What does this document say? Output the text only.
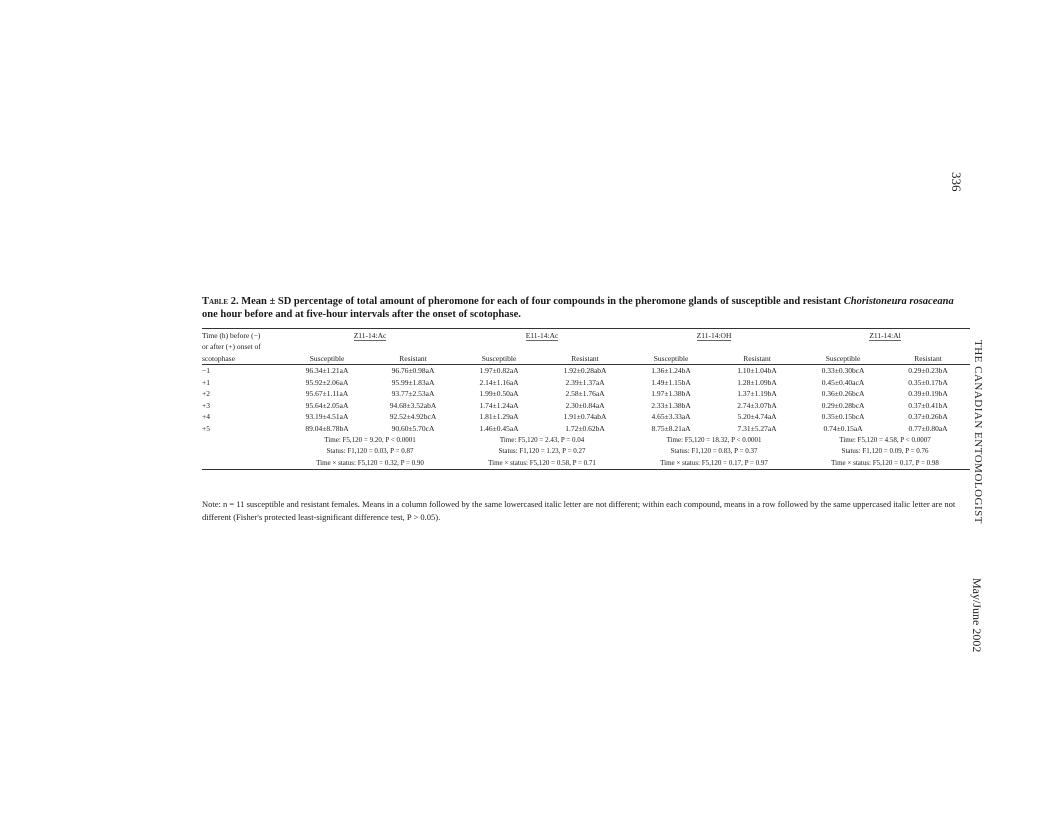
336
THE CANADIAN ENTOMOLOGIST
May/June 2002
Table 2. Mean ± SD percentage of total amount of pheromone for each of four compounds in the pheromone glands of susceptible and resistant Choristoneura rosaceana one hour before and at five-hour intervals after the onset of scotophase.
Time (h) before (−)	Z11-14:Ac		E11-14:Ac		Z11-14:OH		Z11-14:Al	
or after (+) onset of								
scotophase	Susceptible	Resistant	Susceptible	Resistant	Susceptible	Resistant	Susceptible	Resistant
−1	96.34±1.21aA	96.76±0.98aA	1.97±0.82aA	1.92±0.28abA	1.36±1.24bA	1.10±1.04bA	0.33±0.30bcA	0.29±0.23bA
+1	95.92±2.06aA	95.99±1.83aA	2.14±1.16aA	2.39±1.37aA	1.49±1.15bA	1.28±1.09bA	0.45±0.40acA	0.35±0.17bA
+2	95.67±1.11aA	93.77±2.53aA	1.99±0.50aA	2.58±1.76aA	1.97±1.38bA	1.37±1.19bA	0.36±0.26bcA	0.39±0.19bA
+3	95.64±2.05aA	94.68±3.52abA	1.74±1.24aA	2.30±0.84aA	2.33±1.38bA	2.74±3.07bA	0.29±0.28bcA	0.37±0.41bA
+4	93.19±4.51aA	92.52±4.92bcA	1.81±1.29aA	1.91±0.74abA	4.65±3.33aA	5.20±4.74aA	0.35±0.15bcA	0.37±0.26bA
+5	89.04±8.78bA	90.60±5.70cA	1.46±0.45aA	1.72±0.62bA	8.75±8.21aA	7.31±5.27aA	0.74±0.15aA	0.77±0.80aA
	Time: F5,120 = 9.20, P < 0.0001		Time: F5,120 = 2.43, P = 0.04		Time: F5,120 = 18.32, P < 0.0001		Time: F5,120 = 4.58, P < 0.0007	
	Status: F1,120 = 0.03, P = 0.87		Status: F1,120 = 1.23, P = 0.27		Status: F1,120 = 0.83, P = 0.37		Status: F1,120 = 0.09, P = 0.76	
	Time × status: F5,120 = 0.32, P = 0.90		Time × status: F5,120 = 0.58, P = 0.71		Time × status: F5,120 = 0.17, P = 0.97		Time × status: F5,120 = 0.17, P = 0.98	
Note: n = 11 susceptible and resistant females. Means in a column followed by the same lowercased italic letter are not different; within each compound, means in a row followed by the same uppercased italic letter are not different (Fisher's protected least-significant difference test, P > 0.05).
